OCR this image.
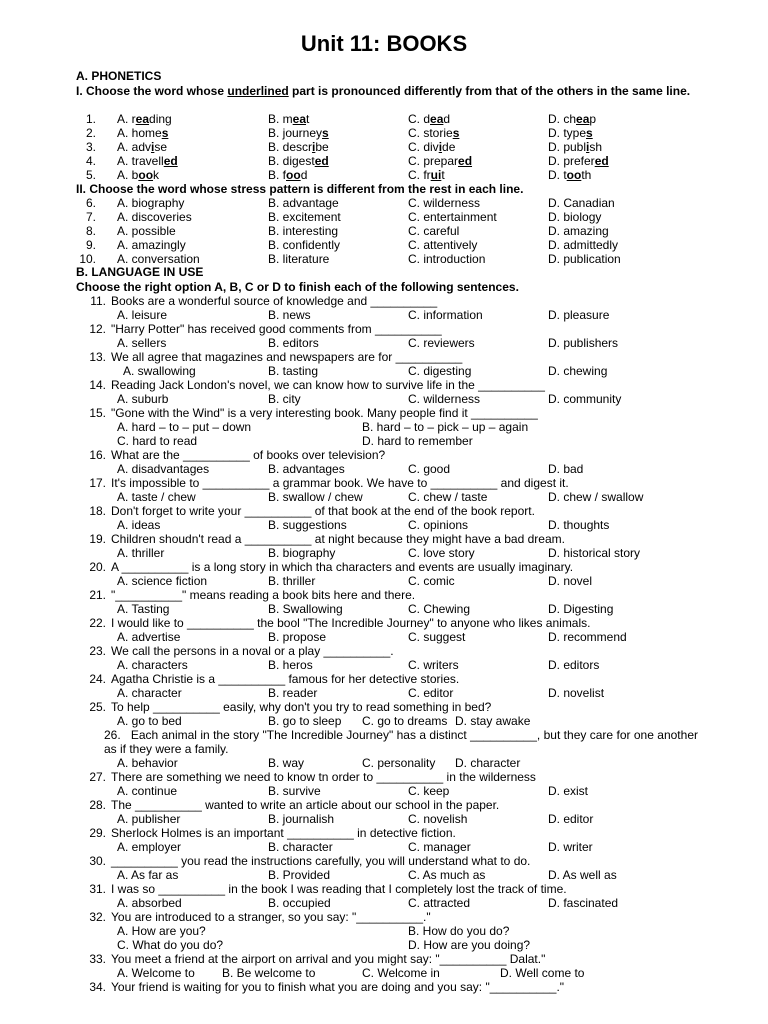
Unit 11: BOOKS
A. PHONETICS
I. Choose the word whose underlined part is pronounced differently from that of the others in the same line.
II. Choose the word whose stress pattern is different from the rest in each line.
B. LANGUAGE IN USE
Choose the right option A, B, C or D to finish each of the following sentences.
1. A. reading	B. meat	C. dead	D. cheap
2. A. homes	B. journeys	C. stories	D. types
3. A. advise	B. describe	C. divide	D. publish
4. A. travelled	B. digested	C. prepared	D. prefered
5. A. book	B. food	C. fruit	D. tooth
6. A. biography	B. advantage	C. wilderness	D. Canadian
7. A. discoveries	B. excitement	C. entertainment	D. biology
8. A. possible	B. interesting	C. careful	D. amazing
9. A. amazingly	B. confidently	C. attentively	D. admittedly
10. A. conversation	B. literature	C. introduction	D. publication
11. Books are a wonderful source of knowledge and __________
A. leisure	B. news	C. information	D. pleasure
12. "Harry Potter" has received good comments from __________
A. sellers	B. editors	C. reviewers	D. publishers
13. We all agree that magazines and newspapers are for __________
A. swallowing	B. tasting	C. digesting	D. chewing
14. Reading Jack London's novel, we can know how to survive life in the __________
A. suburb	B. city	C. wilderness	D. community
15. "Gone with the Wind" is a very interesting book. Many people find it __________
A. hard – to – put – down	B. hard – to – pick – up – again
C. hard to read	D. hard to remember
16. What are the __________ of books over television?
A. disadvantages	B. advantages	C. good	D. bad
17. It's impossible to __________ a grammar book. We have to __________ and digest it.
A. taste / chew	B. swallow / chew	C. chew / taste	D. chew / swallow
18. Don't forget to write your __________ of that book at the end of the book report.
A. ideas	B. suggestions	C. opinions	D. thoughts
19. Children shoudn't read a __________ at night because they might have a bad dream.
A. thriller	B. biography	C. love story	D. historical story
20. A __________ is a long story in which tha characters and events are usually imaginary.
A. science fiction	B. thriller	C. comic	D. novel
21. "__________" means reading a book bits here and there.
A. Tasting	B. Swallowing	C. Chewing	D. Digesting
22. I would like to __________ the bool "The Incredible Journey" to anyone who likes animals.
A. advertise	B. propose	C. suggest	D. recommend
23. We call the persons in a noval or a play __________.
A. characters	B. heros	C. writers	D. editors
24. Agatha Christie is a __________ famous for her detective stories.
A. character	B. reader	C. editor	D. novelist
25. To help __________ easily, why don't you try to read something in bed?
A. go to bed	B. go to sleep C. go to dreams D. stay awake
26. Each animal in the story "The Incredible Journey" has a distinct __________, but they care for one another as if they were a family.
A. behavior	B. way	C. personality D. character
27. There are something we need to know tn order to __________ in the wilderness
A. continue	B. survive	C. keep	D. exist
28. The __________ wanted to write an article about our school in the paper.
A. publisher	B. journalish	C. novelish	D. editor
29. Sherlock Holmes is an important __________ in detective fiction.
A. employer	B. character	C. manager	D. writer
30. __________ you read the instructions carefully, you will understand what to do.
A. As far as	B. Provided	C. As much as	D. As well as
31. I was so __________ in the book I was reading that I completely lost the track of time.
A. absorbed	B. occupied	C. attracted	D. fascinated
32. You are introduced to a stranger, so you say: "__________."
A. How are you?	B. How do you do?
C. What do you do?	D. How are you doing?
33. You meet a friend at the airport on arrival and you might say: "__________ Dalat."
A. Welcome to B. Be welcome to	C. Welcome in	D. Well come to
34. Your friend is waiting for you to finish what you are doing and you say: "__________."
